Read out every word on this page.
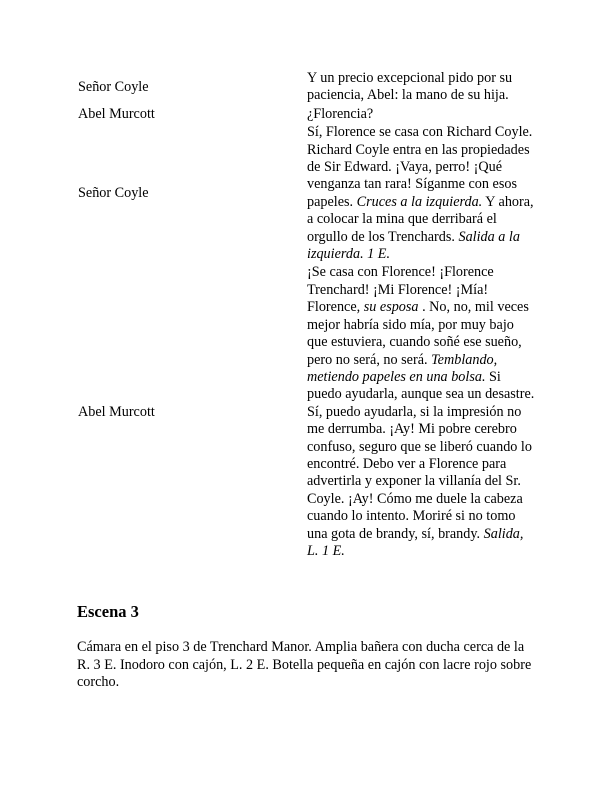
Señor Coyle
Y un precio excepcional pido por su paciencia, Abel: la mano de su hija.
Abel Murcott	¿Florencia?
Señor Coyle
Sí, Florence se casa con Richard Coyle. Richard Coyle entra en las propiedades de Sir Edward. ¡Vaya, perro! ¡Qué venganza tan rara! Síganme con esos papeles. Cruces a la izquierda. Y ahora, a colocar la mina que derribará el orgullo de los Trenchards. Salida a la izquierda. 1 E.
Abel Murcott
¡Se casa con Florence! ¡Florence Trenchard! ¡Mi Florence! ¡Mía! Florence, su esposa . No, no, mil veces mejor habría sido mía, por muy bajo que estuviera, cuando soñé ese sueño, pero no será, no será. Temblando, metiendo papeles en una bolsa. Si puedo ayudarla, aunque sea un desastre. Sí, puedo ayudarla, si la impresión no me derrumba. ¡Ay! Mi pobre cerebro confuso, seguro que se liberó cuando lo encontré. Debo ver a Florence para advertirla y exponer la villanía del Sr. Coyle. ¡Ay! Cómo me duele la cabeza cuando lo intento. Moriré si no tomo una gota de brandy, sí, brandy. Salida, L. 1 E.
Escena 3

Cámara en el piso 3 de Trenchard Manor. Amplia bañera con ducha cerca de la R. 3 E. Inodoro con cajón, L. 2 E. Botella pequeña en cajón con lacre rojo sobre corcho.
